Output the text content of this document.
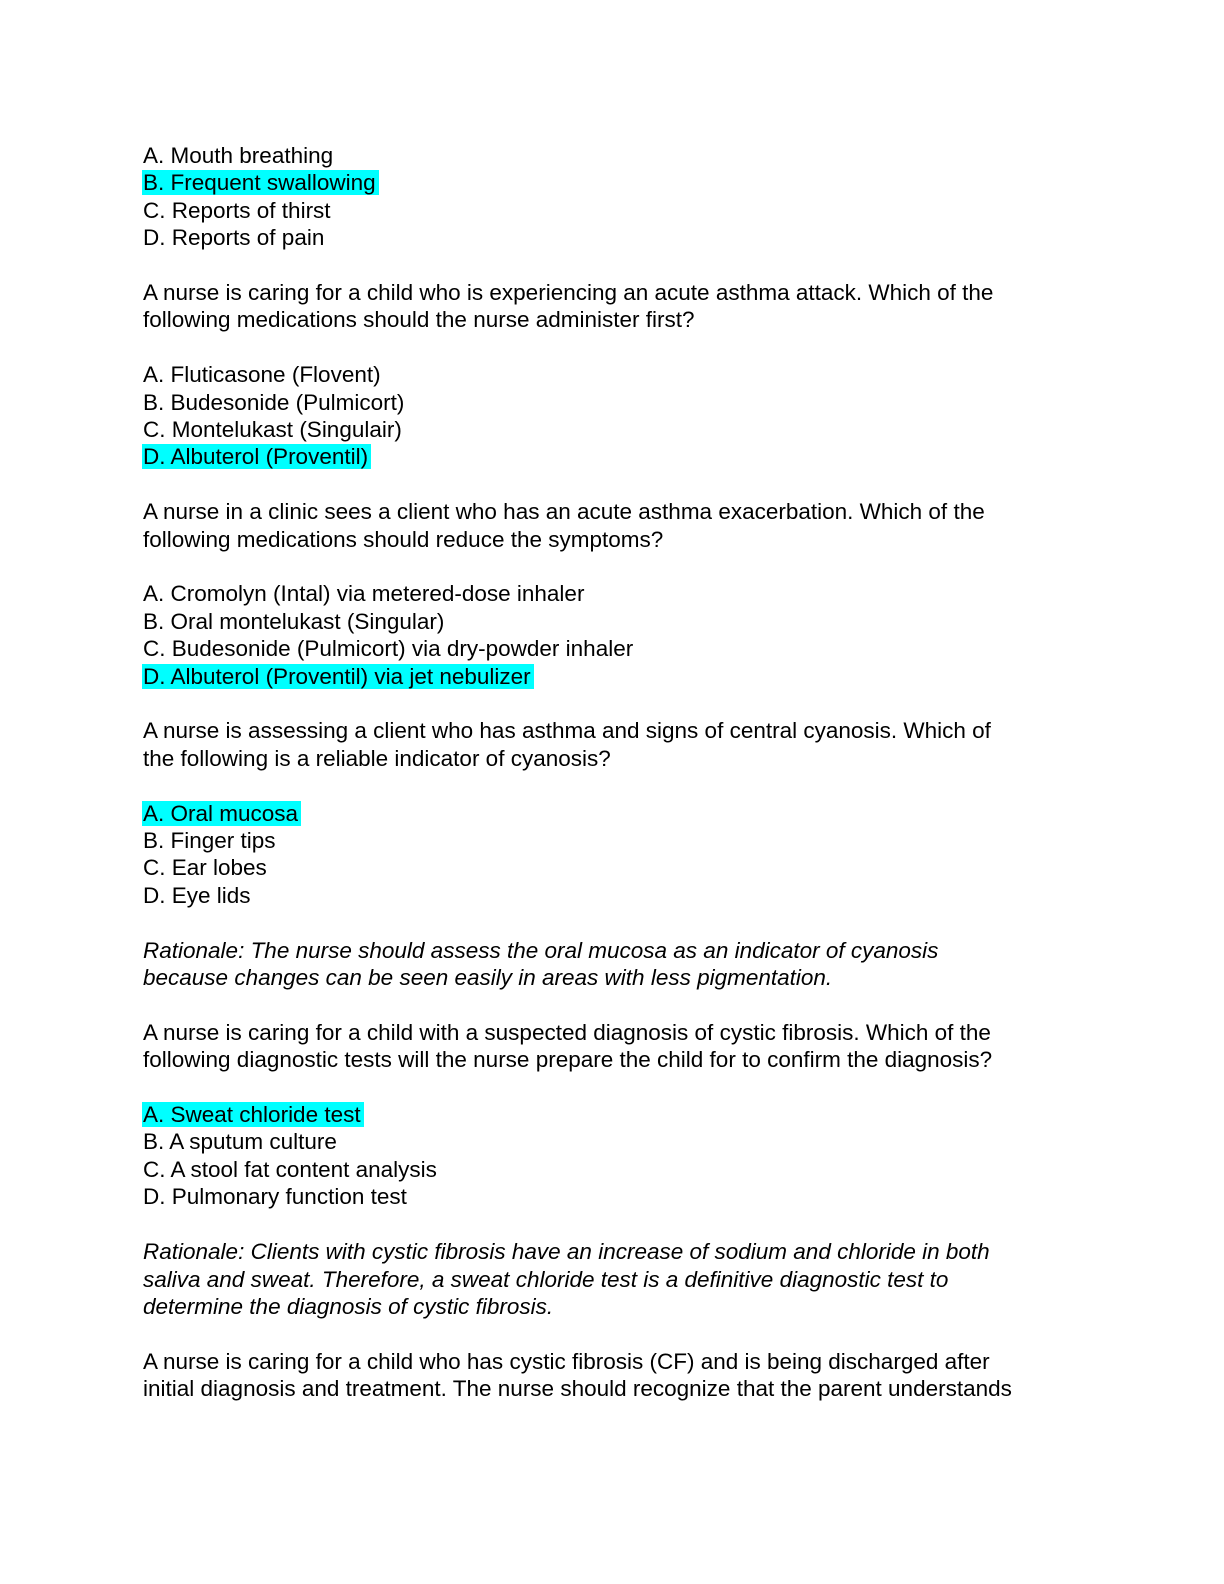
A. Mouth breathing
B. Frequent swallowing
C. Reports of thirst
D. Reports of pain
A nurse is caring for a child who is experiencing an acute asthma attack. Which of the
following medications should the nurse administer first?
A. Fluticasone (Flovent)
B. Budesonide (Pulmicort)
C. Montelukast (Singulair)
D. Albuterol (Proventil)
A nurse in a clinic sees a client who has an acute asthma exacerbation. Which of the
following medications should reduce the symptoms?
A. Cromolyn (Intal) via metered-dose inhaler
B. Oral montelukast (Singular)
C. Budesonide (Pulmicort) via dry-powder inhaler
D. Albuterol (Proventil) via jet nebulizer
A nurse is assessing a client who has asthma and signs of central cyanosis. Which of
the following is a reliable indicator of cyanosis?
A. Oral mucosa
B. Finger tips
C. Ear lobes
D. Eye lids
Rationale: The nurse should assess the oral mucosa as an indicator of cyanosis
because changes can be seen easily in areas with less pigmentation.
A nurse is caring for a child with a suspected diagnosis of cystic fibrosis. Which of the
following diagnostic tests will the nurse prepare the child for to confirm the diagnosis?
A. Sweat chloride test
B. A sputum culture
C. A stool fat content analysis
D. Pulmonary function test
Rationale: Clients with cystic fibrosis have an increase of sodium and chloride in both
saliva and sweat. Therefore, a sweat chloride test is a definitive diagnostic test to
determine the diagnosis of cystic fibrosis.
A nurse is caring for a child who has cystic fibrosis (CF) and is being discharged after
initial diagnosis and treatment. The nurse should recognize that the parent understands
